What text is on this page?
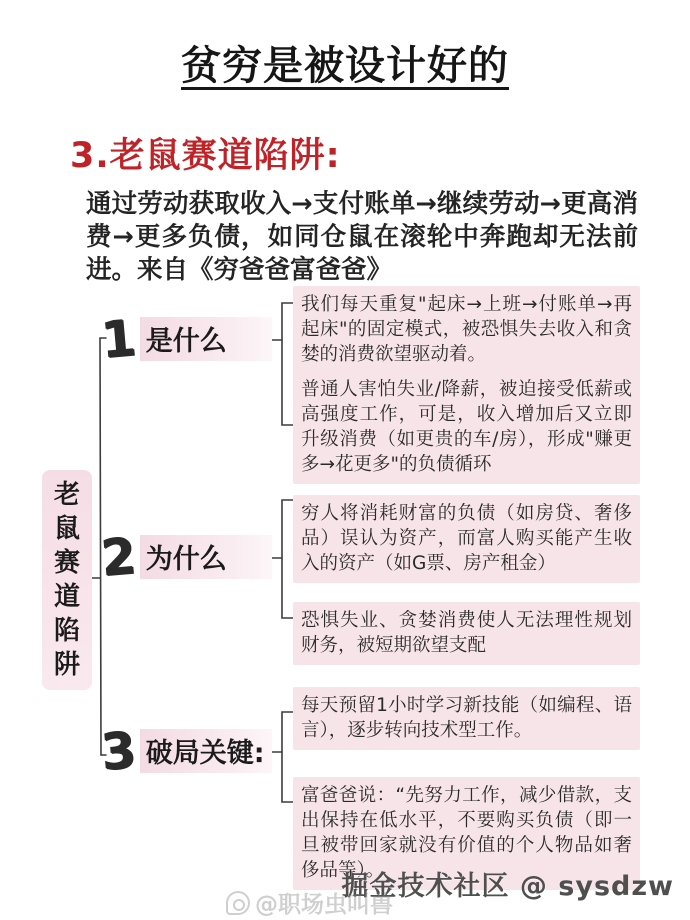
贫穷是被设计好的
3.老鼠赛道陷阱:
通过劳动获取收入→支付账单→继续劳动→更高消费→更多负债，如同仓鼠在滚轮中奔跑却无法前进。来自《穷爸爸富爸爸》
老鼠赛道陷阱
1 是什么
2 为什么
3 破局关键:
我们每天重复"起床→上班→付账单→再起床"的固定模式，被恐惧失去收入和贪婪的消费欲望驱动着。
普通人害怕失业/降薪，被迫接受低薪或高强度工作，可是，收入增加后又立即升级消费（如更贵的车/房），形成"赚更多→花更多"的负债循环
穷人将消耗财富的负债（如房贷、奢侈品）误认为资产，而富人购买能产生收入的资产（如G票、房产租金）
恐惧失业、贪婪消费使人无法理性规划财务，被短期欲望支配
每天预留1小时学习新技能（如编程、语言），逐步转向技术型工作。
富爸爸说：“先努力工作，减少借款，支出保持在低水平，不要购买负债（即一旦被带回家就没有价值的个人物品如奢侈品等）。
掘金技术社区 @ sysdzw
@职场虫叫兽
